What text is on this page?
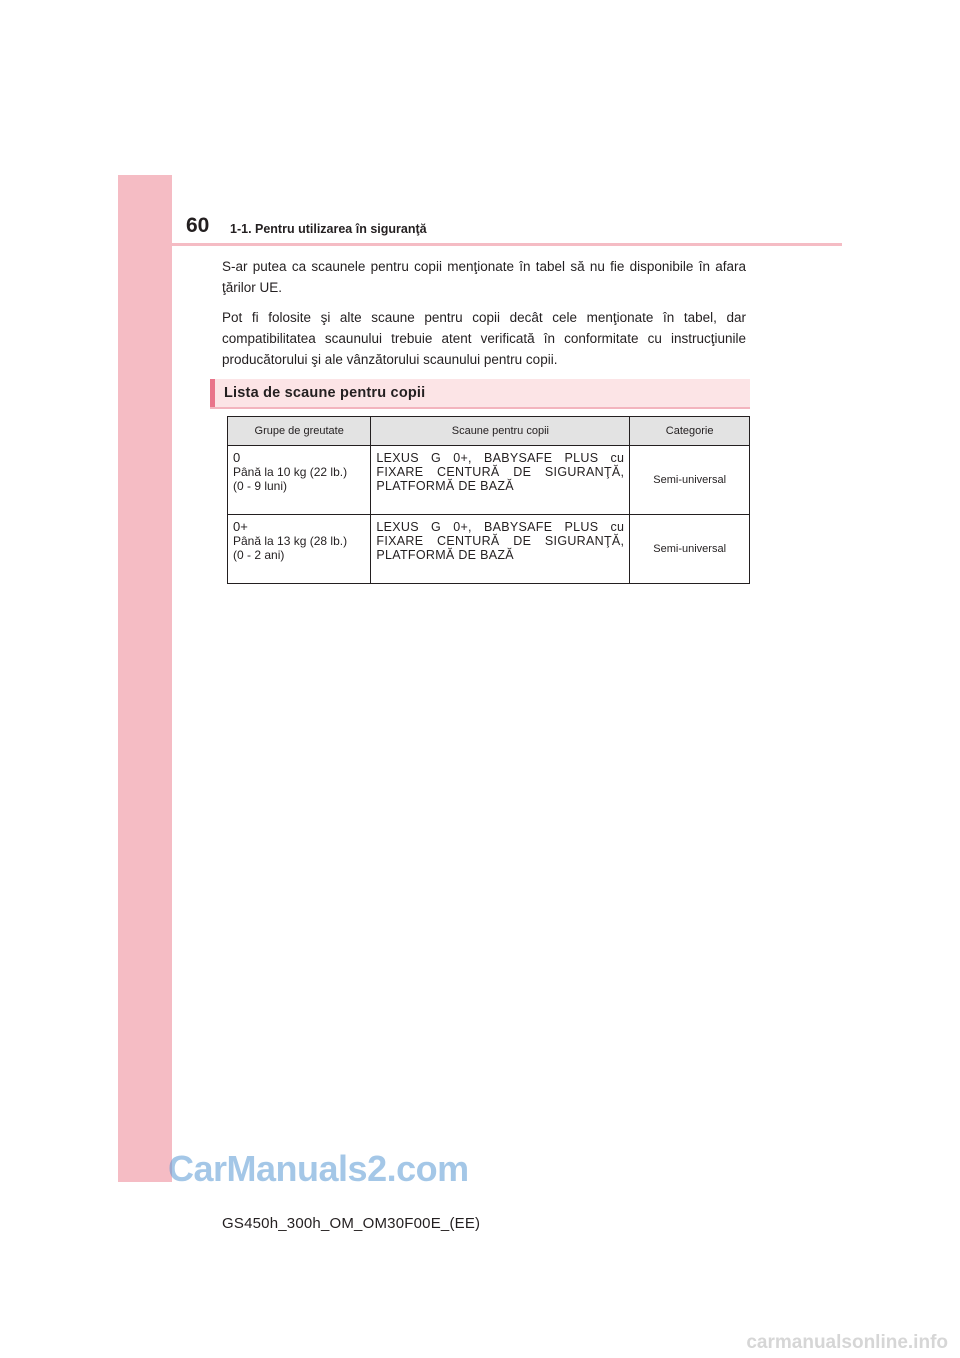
60 1-1. Pentru utilizarea în siguranţă

S-ar putea ca scaunele pentru copii menţionate în tabel să nu fie disponibile în afara ţărilor UE.

Pot fi folosite şi alte scaune pentru copii decât cele menţionate în tabel, dar compatibilitatea scaunului trebuie atent verificată în conformitate cu instrucţiunile producătorului şi ale vânzătorului scaunului pentru copii.

Lista de scaune pentru copii
Grupe de greutate	Scaune pentru copii	Categorie

0
Până la 10 kg (22 lb.)
(0 - 9 luni)	LEXUS G 0+, BABYSAFE PLUS cu FIXARE CENTURĂ DE SIGURANŢĂ, PLATFORMĂ DE BAZĂ	Semi-universal

0+
Până la 13 kg (28 lb.)
(0 - 2 ani)	LEXUS G 0+, BABYSAFE PLUS cu FIXARE CENTURĂ DE SIGURANŢĂ, PLATFORMĂ DE BAZĂ	Semi-universal
CarManuals2.com
GS450h_300h_OM_OM30F00E_(EE)
carmanualsonline.info
